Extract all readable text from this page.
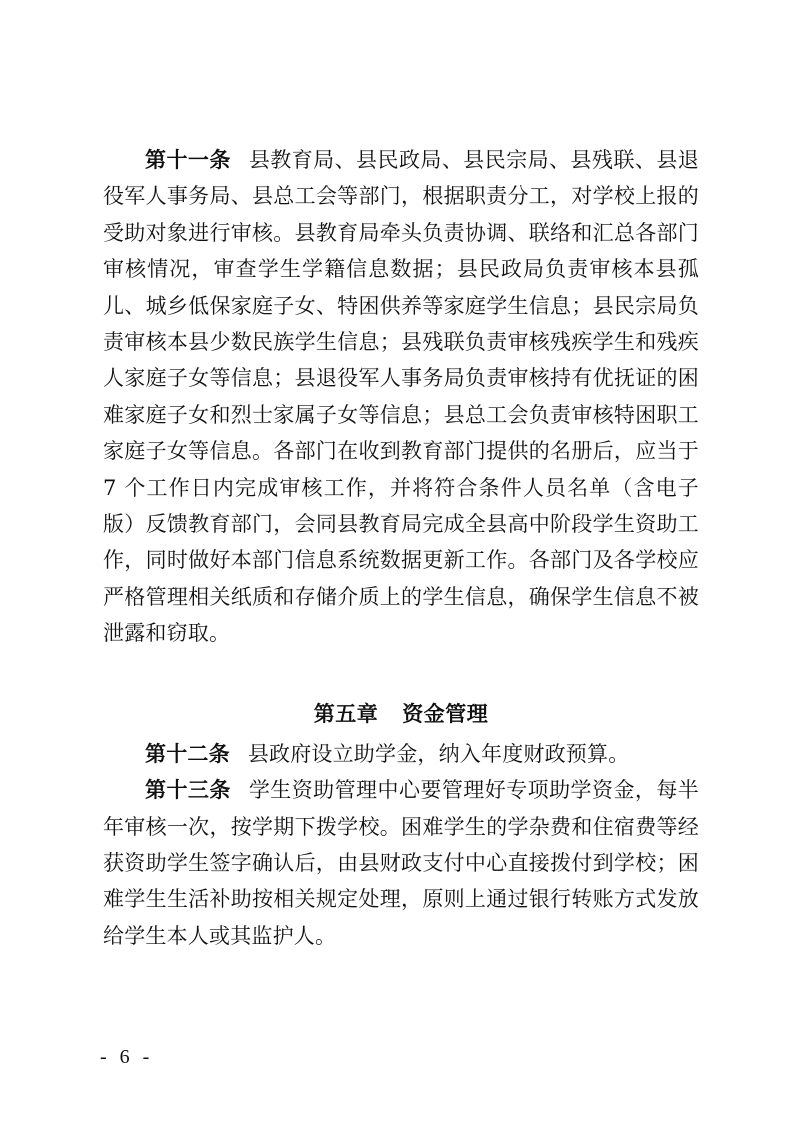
第十一条 县教育局、县民政局、县民宗局、县残联、县退役军人事务局、县总工会等部门，根据职责分工，对学校上报的受助对象进行审核。县教育局牵头负责协调、联络和汇总各部门审核情况，审查学生学籍信息数据；县民政局负责审核本县孤儿、城乡低保家庭子女、特困供养等家庭学生信息；县民宗局负责审核本县少数民族学生信息；县残联负责审核残疾学生和残疾人家庭子女等信息；县退役军人事务局负责审核持有优抚证的困难家庭子女和烈士家属子女等信息；县总工会负责审核特困职工家庭子女等信息。各部门在收到教育部门提供的名册后，应当于 7 个工作日内完成审核工作，并将符合条件人员名单（含电子版）反馈教育部门，会同县教育局完成全县高中阶段学生资助工作，同时做好本部门信息系统数据更新工作。各部门及各学校应严格管理相关纸质和存储介质上的学生信息，确保学生信息不被泄露和窃取。

第五章 资金管理

第十二条 县政府设立助学金，纳入年度财政预算。

第十三条 学生资助管理中心要管理好专项助学资金，每半年审核一次，按学期下拨学校。困难学生的学杂费和住宿费等经获资助学生签字确认后，由县财政支付中心直接拨付到学校；困难学生生活补助按相关规定处理，原则上通过银行转账方式发放给学生本人或其监护人。

- 6 -
